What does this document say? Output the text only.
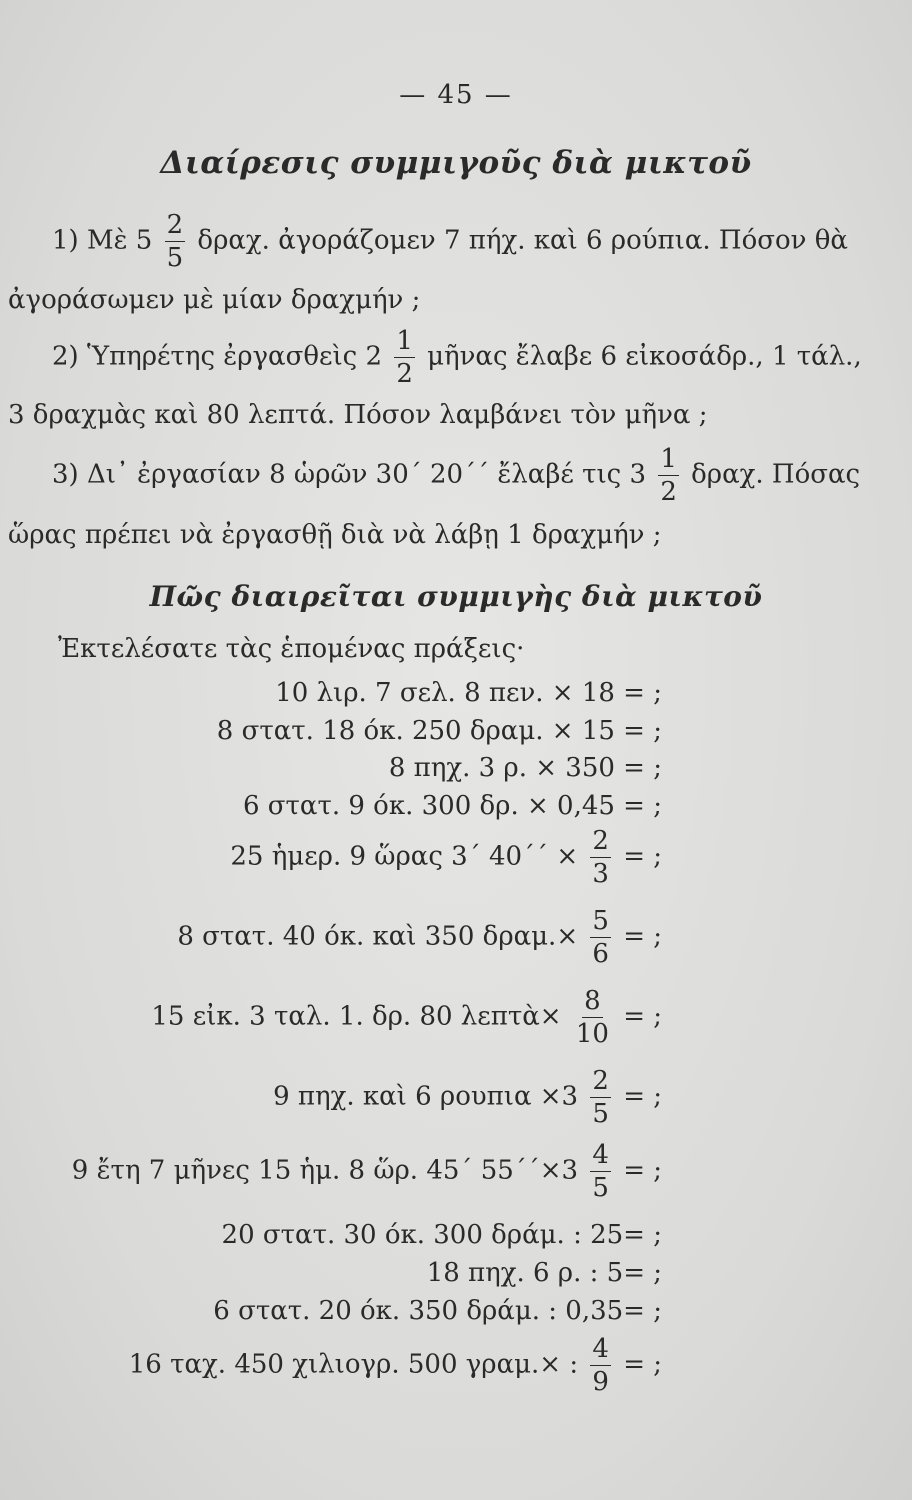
— 45 —
Διαίρεσις συμμιγοῦς διὰ μικτοῦ
1) Μὲ $5 \frac{2}{5} \delta\rho\alpha\chi$. ἀγοράζομεν 7 πήχ. καὶ 6 ρούπια. Πόσον θὰ
ἀγοράσωμεν μὲ μίαν δραχμήν ;
2) Ὑπηρέτης ἐργασθεὶς $2 \frac{1}{2}$ μῆνας ἔλαβε 6 εἰκοσάδρ., 1 τάλ.,
3 δραχμὰς καὶ 80 λεπτά. Πόσον λαμβάνει τὸν μῆνα ;
3) Δι᾽ ἐργασίαν 8 ὡρῶν 30΄ 20΄΄ ἔλαβέ τις $3 \frac{1}{2} \delta\rho\alpha\chi$. Πόσας
ὥρας πρέπει νὰ ἐργασθῇ διὰ νὰ λάβῃ 1 δραχμήν ;
Πῶς διαιρεῖται συμμιγὴς διὰ μικτοῦ
Ἐκτελέσατε τὰς ἑπομένας πράξεις·
10 λιρ. 7 σελ. 8 πεν. × 18 = ;
8 στατ. 18 όκ. 250 δραμ. × 15 = ;
8 πηχ. 3 ρ. × 350 = ;
6 στατ. 9 όκ. 300 δρ. × 0,45 = ;
25 ἡμερ. 9 ὥρας 3΄ $40΄΄ \times \frac{2}{3}$ = ;
8 στατ. 40 όκ. καὶ 350 $\delta\rho\alpha\mu.\times \frac{5}{6}$ = ;
15 εἰκ. 3 ταλ. 1. δρ. 80 λεπτὰ× $\frac{8}{10}$ = ;
9 πηχ. καὶ 6 $\rho o\upsilon\pi\iota\alpha \times 3 \frac{2}{5}$ = ;
9 ἔτη 7 μῆνες 15 ἡμ. 8 ὥρ. 45΄ $55΄΄\times 3 \frac{4}{5}$ = ;
20 στατ. 30 όκ. 300 δράμ. : 25= ;
18 πηχ. 6 ρ. : 5= ;
6 στατ. 20 όκ. 350 δράμ. : 0,35= ;
16 ταχ. 450 χιλιογρ. 500 γραμ.× : $\frac{4}{9}$ = ;
